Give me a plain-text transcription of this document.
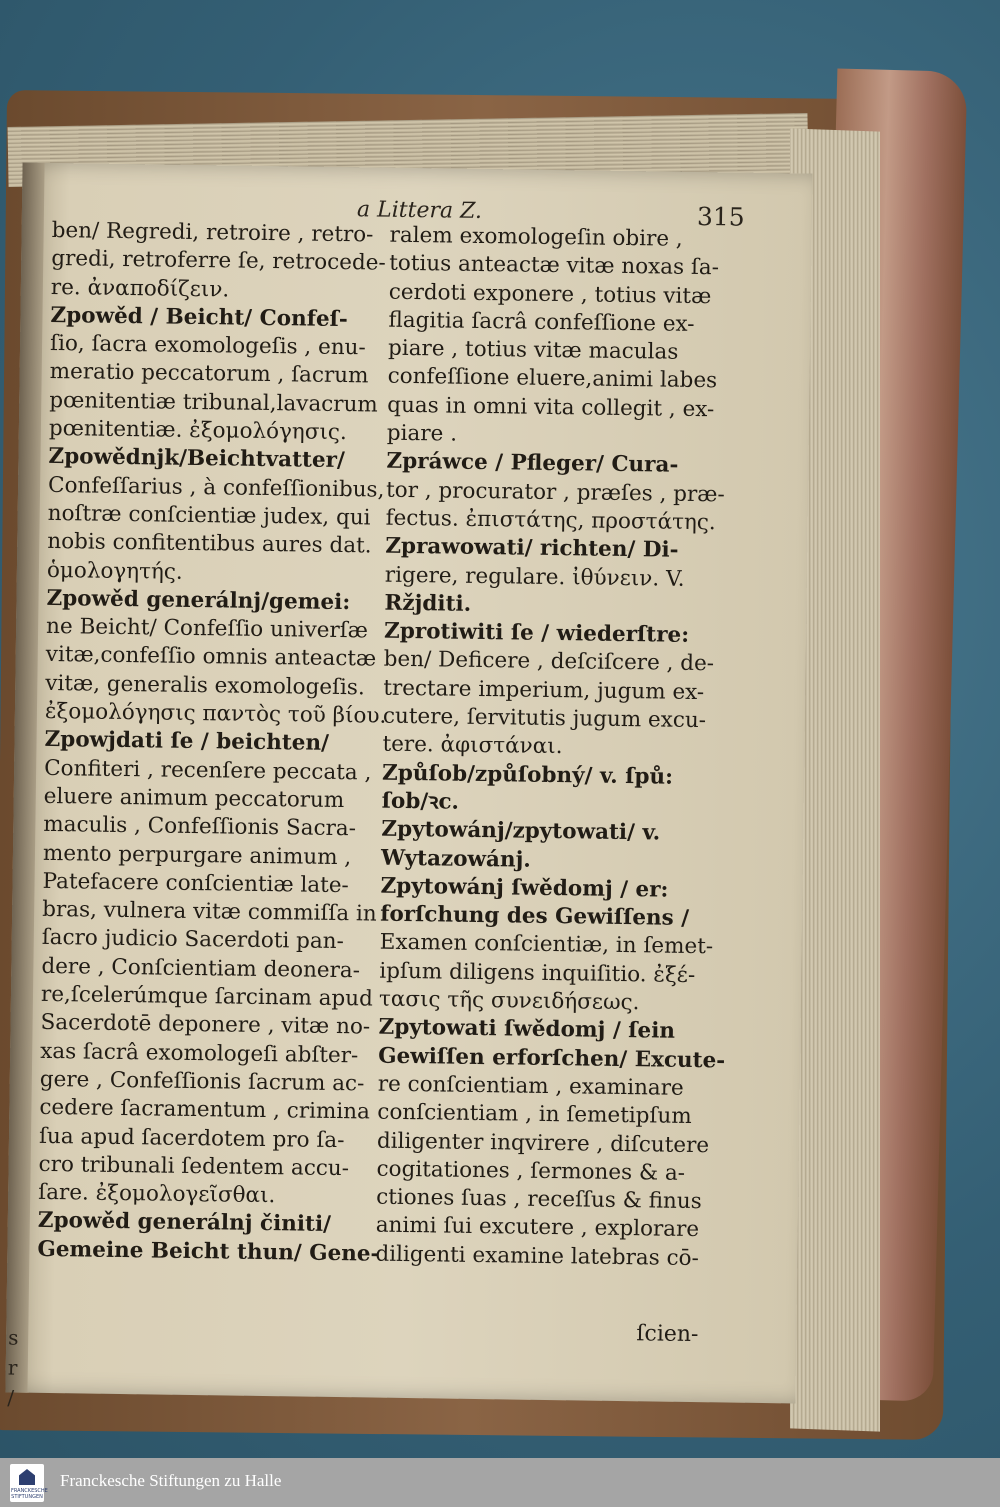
s
r
/
a Littera Z.	315

ben/ Regredi, retroire , retro-

gredi, retroferre ſe, retrocede-

re. ἀναποδίζειν.

Zpowěd / Beicht/ Confeſ-

ſio, ſacra exomologeſis , enu-

meratio peccatorum , ſacrum

pœnitentiæ tribunal,lavacrum

pœnitentiæ. ἐξομολόγησις.

Zpowědnjk/Beichtvatter/

Confeſſarius , à confeſſionibus,

noſtræ conſcientiæ judex, qui

nobis confitentibus aures dat.

ὁμολογητής.

Zpowěd generálnj/gemei:

ne Beicht/ Confeſſio univerſæ

vitæ,confeſſio omnis anteactæ

vitæ, generalis exomologeſis.

ἐξομολόγησις παντὸς τοῦ βίου.

Zpowjdati ſe / beichten/

Confiteri , recenſere peccata ,

eluere animum peccatorum

maculis , Confeſſionis Sacra-

mento perpurgare animum ,

Patefacere conſcientiæ late-

bras, vulnera vitæ commiſſa in

ſacro judicio Sacerdoti pan-

dere , Conſcientiam deonera-

re,ſcelerúmque ſarcinam apud

Sacerdotē deponere , vitæ no-

xas ſacrâ exomologeſi abſter-

gere , Confeſſionis ſacrum ac-

cedere ſacramentum , crimina

ſua apud ſacerdotem pro ſa-

cro tribunali ſedentem accu-

ſare. ἐξομολογεῖσθαι.

Zpowěd generálnj činiti/

Gemeine Beicht thun/ Gene-

ralem exomologeſin obire ,

totius anteactæ vitæ noxas ſa-

cerdoti exponere , totius vitæ

flagitia ſacrâ confeſſione ex-

piare , totius vitæ maculas

confeſſione eluere,animi labes

quas in omni vita collegit , ex-

piare .

Zpráwce / Pfleger/ Cura-

tor , procurator , præſes , præ-

fectus. ἐπιστάτης, προστάτης.

Zprawowati/ richten/ Di-

rigere, regulare. ἰθύνειν. V.

Ržjditi.

Zprotiwiti ſe / wiederſtre:

ben/ Deficere , deſciſcere , de-

trectare imperium, jugum ex-

cutere, ſervitutis jugum excu-

tere. ἀφιστάναι.

Způſob/způſobný/ v. ſpů:

ſob/ꝛc.

Zpytowánj/zpytowati/ v.

Wytazowánj.

Zpytowánj ſwědomj / er:

forſchung des Gewiſſens /

Examen conſcientiæ, in ſemet-

ipſum diligens inquiſitio. ἐξέ-

τασις τῆς συνειδήσεως.

Zpytowati ſwědomj / ſein

Gewiſſen erforſchen/ Excute-

re conſcientiam , examinare

conſcientiam , in ſemetipſum

diligenter inqvirere , diſcutere

cogitationes , ſermones & a-

ctiones ſuas , receſſus & finus

animi ſui excutere , explorare

diligenti examine latebras cō-

ſcien-
FRANCKESCHE STIFTUNGEN
Franckesche Stiftungen zu Halle
